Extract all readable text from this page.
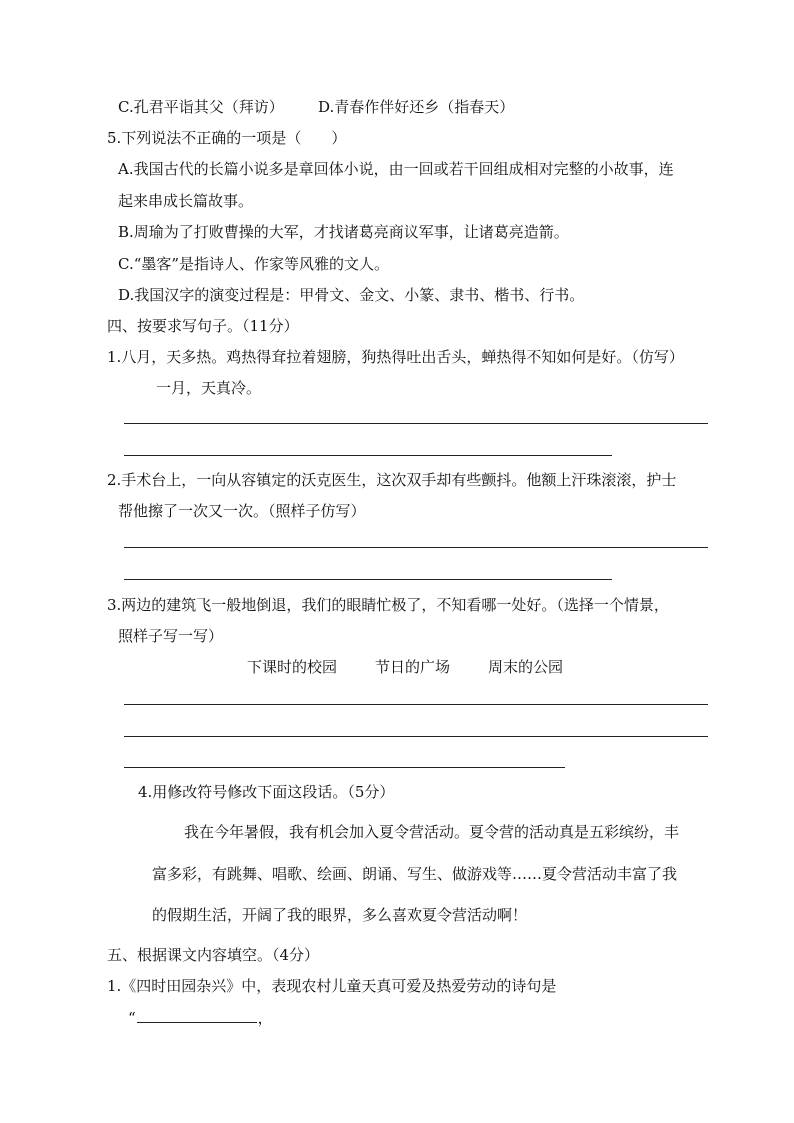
C.孔君平诣其父（拜访） D.青春作伴好还乡（指春天）
5.下列说法不正确的一项是（　　）
A.我国古代的长篇小说多是章回体小说，由一回或若干回组成相对完整的小故事，连
起来串成长篇故事。
B.周瑜为了打败曹操的大军，才找诸葛亮商议军事，让诸葛亮造箭。
C.“墨客”是指诗人、作家等风雅的文人。
D.我国汉字的演变过程是：甲骨文、金文、小篆、隶书、楷书、行书。
四、按要求写句子。（11分）
1.八月，天多热。鸡热得耷拉着翅膀，狗热得吐出舌头，蝉热得不知如何是好。（仿写）
一月，天真冷。
2.手术台上，一向从容镇定的沃克医生，这次双手却有些颤抖。他额上汗珠滚滚，护士
帮他擦了一次又一次。（照样子仿写）
3.两边的建筑飞一般地倒退，我们的眼睛忙极了，不知看哪一处好。（选择一个情景，
照样子写一写）
下课时的校园	节日的广场	周末的公园
4.用修改符号修改下面这段话。（5分）
我在今年暑假，我有机会加入夏令营活动。夏令营的活动真是五彩缤纷，丰
富多彩，有跳舞、唱歌、绘画、朗诵、写生、做游戏等……夏令营活动丰富了我
的假期生活，开阔了我的眼界，多么喜欢夏令营活动啊！
五、根据课文内容填空。（4分）
1.《四时田园杂兴》中，表现农村儿童天真可爱及热爱劳动的诗句是
“	，
